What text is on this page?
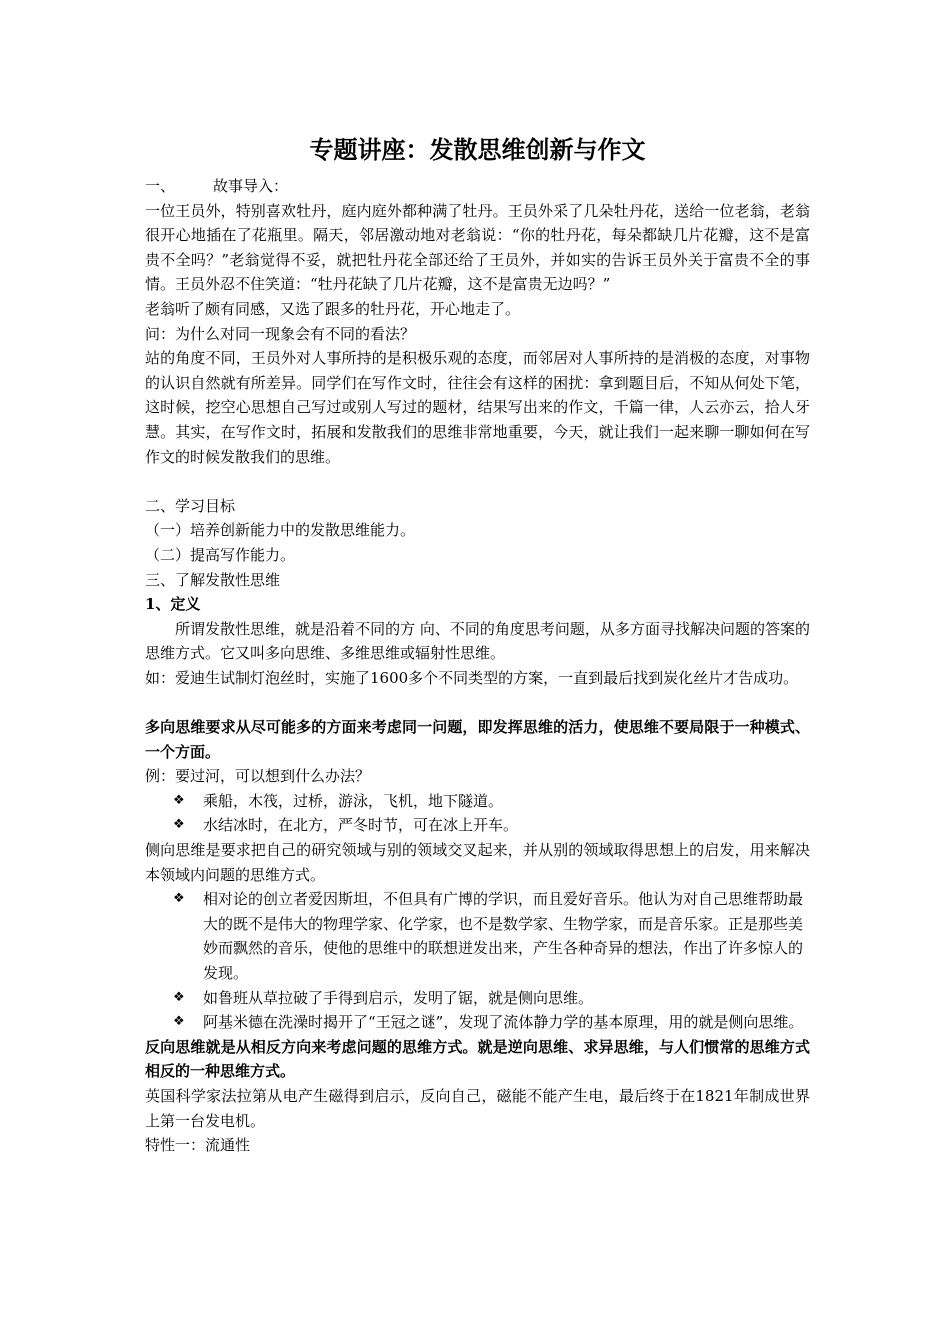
专题讲座：发散思维创新与作文
一、	故事导入：

一位王员外，特别喜欢牡丹，庭内庭外都种满了牡丹。王员外采了几朵牡丹花，送给一位老翁，老翁很开心地插在了花瓶里。隔天，邻居激动地对老翁说：“你的牡丹花，每朵都缺几片花瓣，这不是富贵不全吗？”老翁觉得不妥，就把牡丹花全部还给了王员外，并如实的告诉王员外关于富贵不全的事情。王员外忍不住笑道：“牡丹花缺了几片花瓣，这不是富贵无边吗？”

老翁听了颇有同感，又选了跟多的牡丹花，开心地走了。

问：为什么对同一现象会有不同的看法？

站的角度不同，王员外对人事所持的是积极乐观的态度，而邻居对人事所持的是消极的态度，对事物的认识自然就有所差异。同学们在写作文时，往往会有这样的困扰：拿到题目后，不知从何处下笔，这时候，挖空心思想自己写过或别人写过的题材，结果写出来的作文，千篇一律，人云亦云，拾人牙慧。其实，在写作文时，拓展和发散我们的思维非常地重要，今天，就让我们一起来聊一聊如何在写作文的时候发散我们的思维。

二、学习目标

（一）培养创新能力中的发散思维能力。

（二）提高写作能力。

三、了解发散性思维

1、定义

所谓发散性思维，就是沿着不同的方 向、不同的角度思考问题，从多方面寻找解决问题的答案的思维方式。它又叫多向思维、多维思维或辐射性思维。

如：爱迪生试制灯泡丝时，实施了1600多个不同类型的方案，一直到最后找到炭化丝片才告成功。

多向思维要求从尽可能多的方面来考虑同一问题，即发挥思维的活力，使思维不要局限于一种模式、一个方面。

例：要过河，可以想到什么办法？

❖ 乘船，木筏，过桥，游泳，飞机，地下隧道。
❖ 水结冰时，在北方，严冬时节，可在冰上开车。

侧向思维是要求把自己的研究领域与别的领域交叉起来，并从别的领域取得思想上的启发，用来解决本领域内问题的思维方式。

❖ 相对论的创立者爱因斯坦，不但具有广博的学识，而且爱好音乐。他认为对自己思维帮助最大的既不是伟大的物理学家、化学家，也不是数学家、生物学家，而是音乐家。正是那些美妙而飘然的音乐，使他的思维中的联想迸发出来，产生各种奇异的想法，作出了许多惊人的发现。
❖ 如鲁班从草拉破了手得到启示，发明了锯，就是侧向思维。
❖ 阿基米德在洗澡时揭开了“王冠之谜”，发现了流体静力学的基本原理，用的就是侧向思维。

反向思维就是从相反方向来考虑问题的思维方式。就是逆向思维、求异思维，与人们惯常的思维方式相反的一种思维方式。

英国科学家法拉第从电产生磁得到启示，反向自己，磁能不能产生电，最后终于在1821年制成世界上第一台发电机。

特性一：流通性
